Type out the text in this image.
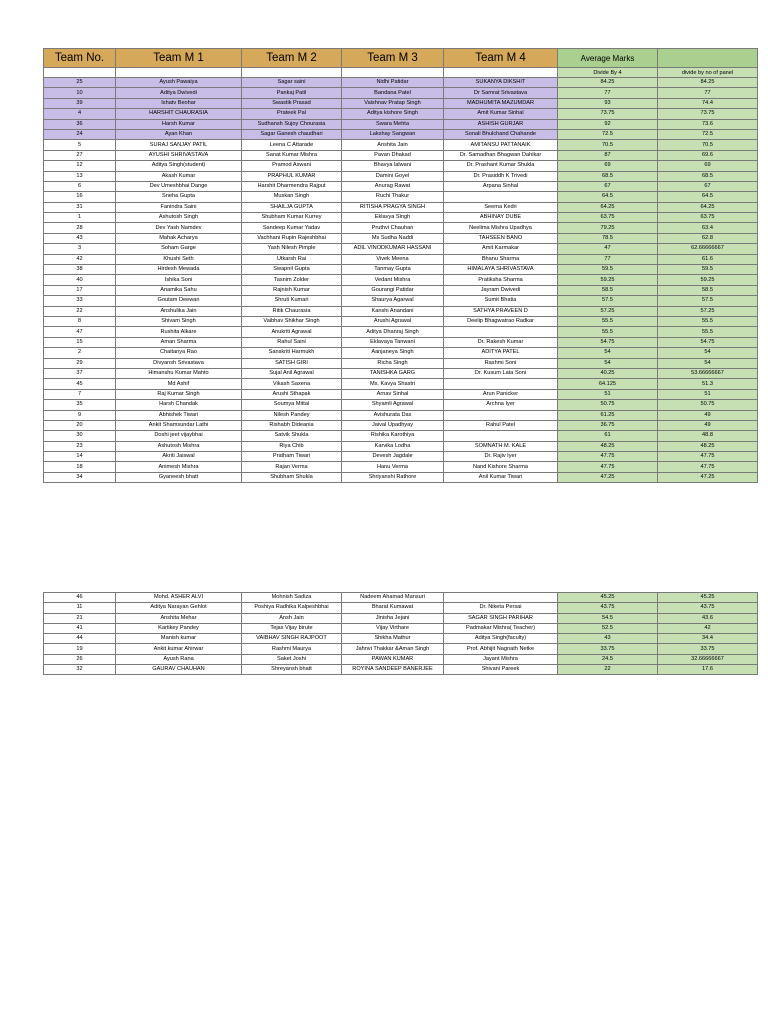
Team No.	Team M 1	Team M 2	Team M 3	Team M 4	Average Marks	
					Divide By 4	divide by no of panel
25	Ayush Pawaiya	Sagar saini	Nidhi Patidar	SUKANYA DIKSHIT	84.25	84.25
10	Aditya Dwivedi	Pankaj Patil	Bandana Patel	Dr Samrat Srivastava	77	77
39	Ishatv Beohar	Swastik Prasad	Vaishnav Pratap Singh	MADHUMITA MAZUMDAR	93	74.4
4	HARSHIT CHAURASIA	Prateek Pal	Aditya kishore Singh	Amit Kumar Sinhal	73.75	73.75
36	Harsh Kumar	Sudhansh Sujoy Chourasia	Swara Mehta	ASHISH GURJAR	92	73.6
24	Ayan Khan	Sagar Ganesh chaudhari	Lakshay Sangwan	Sonali Bhulchand Chahande	72.5	72.5
5	SURAJ SANJAY PATIL	Leena C Attarade	Anshita Jain	AMITANSU PATTANAIK	70.5	70.5
27	AYUSHI SHRIVASTAVA	Sanat Kumar Mishra	Pavan Dhakad	Dr. Samadhan Bhagwan Dahikar	87	69.6
12	Aditya Singh(student)	Pramod Aswani	Bhavya lalwani	Dr. Prashant Kumar Shukla	69	69
13	Akash Kumar	PRAPHUL KUMAR	Damini Goyel	Dr. Prasiddh K Trivedi	68.5	68.5
6	Dev Umeshbhai Dange	Harshit Dharmendra Rajput	Anurag Rawat	Arpana Sinhal	67	67
16	Sneha Gupta	Muskan Singh	Ruchi Thakur		64.5	64.5
31	Fanindra Saini	SHAILJA GUPTA	RITISHA PRAGYA SINGH	Seema Kedri	64.25	64.25
1	Ashutosh Singh	Shubham Kumar Kurrey	Eklavya Singh	ABHINAY DUBE	63.75	63.75
28	Dev Yash Namdev	Sandeep Kumar Yadav	Pruthvi Chauhan	Neelima Mishra Upadhya	79.25	63.4
43	Mahak Acharya	Vachhani Rupin Rajeshbhai	Ms Sudha Naddi	TAHSEEN BANO	78.5	62.8
3	Soham Garge	Yash Nilesh Pimple	ADIL VINODKUMAR HASSANI	Amit Karmakar	47	62.66666667
42	Khushi Seth	Utkarsh Rai	Vivek Meena	Bhanu Sharma	77	61.6
38	Hirdesh Mewada	Swapnil Gupta	Tanmay Gupta	HIMALAYA SHRIVASTAVA	59.5	59.5
40	Ishika Soni	Tasnim Zolder	Vedant Mishra	Pratiksha Sharma	59.25	59.25
17	Anamika Sahu	Rajnish Kumar	Gourangi Patidar	Jayram Dwivedi	58.5	58.5
33	Goutam Deewan	Shruti Kumari	Shaurya Agarwal	Sumit Bhatia	57.5	57.5
22	Anshulika Jain	Ritik Chaurasia	Kanshi Anandani	SATHYA PRAVEEN D	57.25	57.25
8	Shivam Singh	Vaibhav Shikhar Singh	Arushi Agrawal	Deelip Bhagwatrao Radkar	55.5	55.5
47	Rushita Alkare	Anukriti Agrawal	Aditya Dhanraj Singh		55.5	55.5
15	Aman Sharma	Rahul Saini	Eklavaya Tanwani	Dr. Rakesh Kumar	54.75	54.75
2	Chaitanya Rao	Sanskriti Harmukh	Aanjaneya Singh	ADITYA PATEL	54	54
29	Divyansh Srivastava	SATISH GIRI	Richa Singh	Rashmi Soni	54	54
37	Himanshu Kumar Mahto	Sujal Anil Agrawal	TANISHKA GARG	Dr. Kusum Lata Soni	40.25	53.66666667
45	Md Ashif	Vikash Saxena	Ms. Kavya Shastri		64.125	51.3
7	Raj Kumar Singh	Arushi Sthapak	Arnav Sinhal	Arun Panicker	51	51
35	Harsh Chandak	Soumya Mittal	Shyamli Agrawal	Archna Iyer	50.75	50.75
9	Abhishek Tiwari	Nilesh Pandey	Avishurata Das		61.25	49
20	Ankit Shamsundar Lathi	Rishabh Dideania	Jaival Upadhyay	Rahul Patel	36.75	49
30	Doshi jeet vijaybhai	Satvik Shukla	Rishika Karothiya		61	48.8
23	Ashutosh Mishra	Riya Chib	Karvika Lodha	SOMNATH M. KALE	48.25	48.25
14	Akriti Jaiswal	Pratham Tiwari	Devesh Jagdale	Dr. Rajiv Iyer	47.75	47.75
18	Animesh Mishra	Rajan Verma	Hanu Verma	Nand Kishore Sharma	47.75	47.75
34	Gyaneesh bhatt	Shubham Shukla	Shriyanshi Rathore	Anil Kumar Tiwari	47.25	47.25
46	Mohd. ASHER ALVI	Mohnish Sadiza	Nadeem Ahamad Mansuri		45.25	45.25
11	Aditya Narayan Gehlot	Poshiya Radhika Kalpeshbhai	Bharat Kumawat	Dr. Niketa Persai	43.75	43.75
21	Anshita Mehar	Ansh Jain	Jinisha Jejani	SAGAR SINGH PARIHAR	54.5	43.6
41	Kartikey Pandey	Tejas Vijay birute	Vijay Virthare	Padmakar Mishra( Teacher)	52.5	42
44	Manish kumar	VAIBHAV SINGH RAJPOOT	Shikha Mathur	Aditya Singh(faculty)	43	34.4
19	Ankit kumar Ahirwar	Rashmi Maurya	Jahnvi Thakkar &Aman Singh	Prof. Abhijit Nagnath Netke	33.75	33.75
26	Ayush Rana	Saket Joshi	PAWAN KUMAR	Jayant Mishra	24.5	32.66666667
32	GAURAV CHAUHAN	Shreyansh bhatt	ROYINA SANDEEP BANERJEE	Shivani Pareek	22	17.6
